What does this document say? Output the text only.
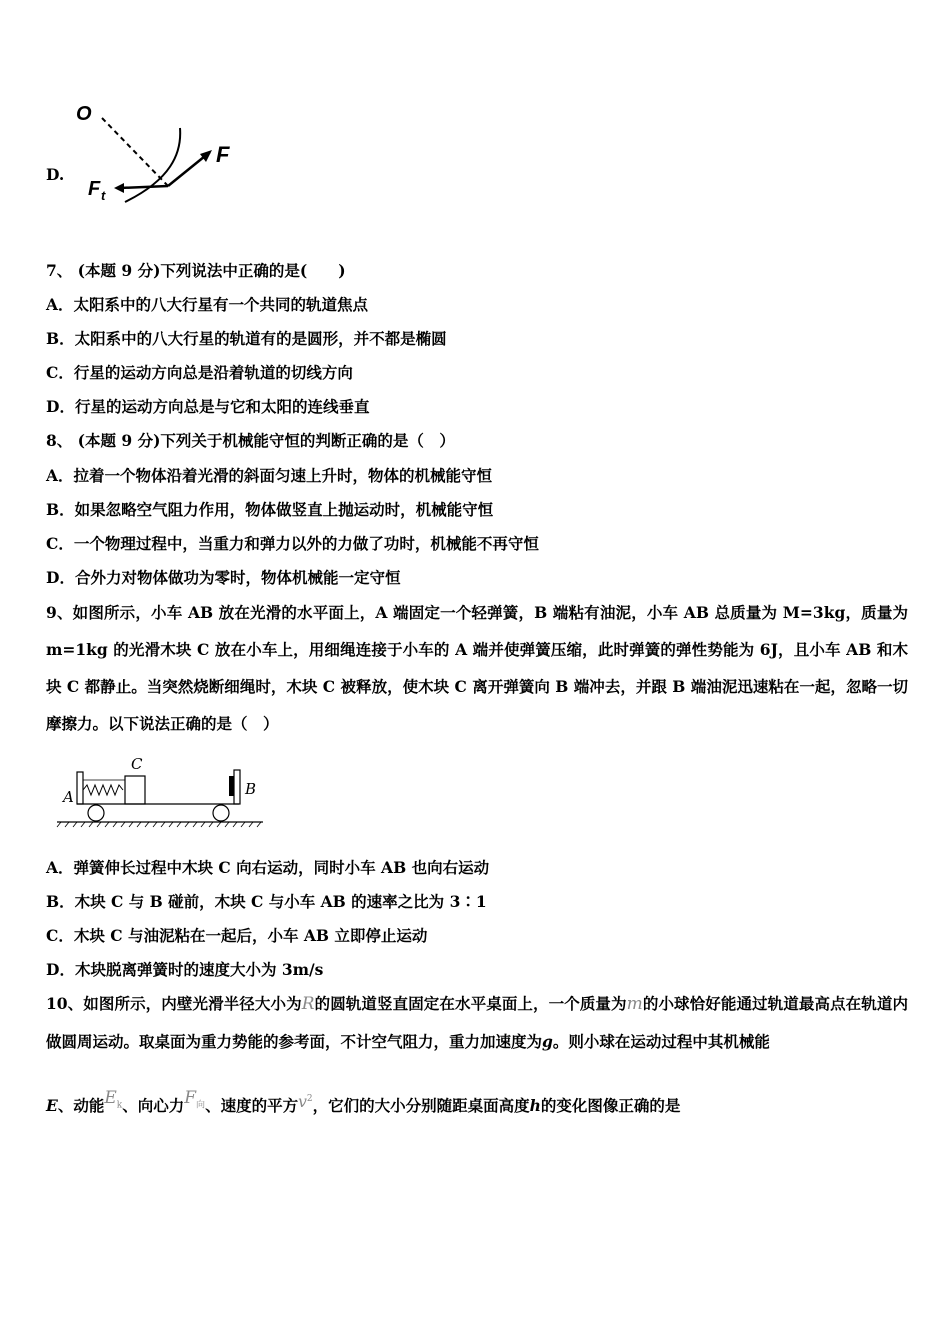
D.
O
F
F t
7、 (本题 9 分)下列说法中正确的是(　　)
A．太阳系中的八大行星有一个共同的轨道焦点
B．太阳系中的八大行星的轨道有的是圆形，并不都是椭圆
C．行星的运动方向总是沿着轨道的切线方向
D．行星的运动方向总是与它和太阳的连线垂直
8、 (本题 9 分)下列关于机械能守恒的判断正确的是（　）
A．拉着一个物体沿着光滑的斜面匀速上升时，物体的机械能守恒
B．如果忽略空气阻力作用，物体做竖直上抛运动时，机械能守恒
C．一个物理过程中，当重力和弹力以外的力做了功时，机械能不再守恒
D．合外力对物体做功为零时，物体机械能一定守恒
9、如图所示，小车 AB 放在光滑的水平面上，A 端固定一个轻弹簧，B 端粘有油泥，小车 AB 总质量为 M=3kg，质量为 m=1kg 的光滑木块 C 放在小车上，用细绳连接于小车的 A 端并使弹簧压缩，此时弹簧的弹性势能为 6J，且小车 AB 和木块 C 都静止。当突然烧断细绳时，木块 C 被释放，使木块 C 离开弹簧向 B 端冲去，并跟 B 端油泥迅速粘在一起，忽略一切摩擦力。以下说法正确的是（　）
A
C
B
A．弹簧伸长过程中木块 C 向右运动，同时小车 AB 也向右运动
B．木块 C 与 B 碰前，木块 C 与小车 AB 的速率之比为 3∶1
C．木块 C 与油泥粘在一起后，小车 AB 立即停止运动
D．木块脱离弹簧时的速度大小为 3m/s
10、如图所示，内壁光滑半径大小为R的圆轨道竖直固定在水平桌面上，一个质量为m的小球恰好能通过轨道最高点在轨道内做圆周运动。取桌面为重力势能的参考面，不计空气阻力，重力加速度为g。则小球在运动过程中其机械能
E、动能$E_k$、向心力$F_向$、速度的平方$v^2$，它们的大小分别随距桌面高度h的变化图像正确的是
